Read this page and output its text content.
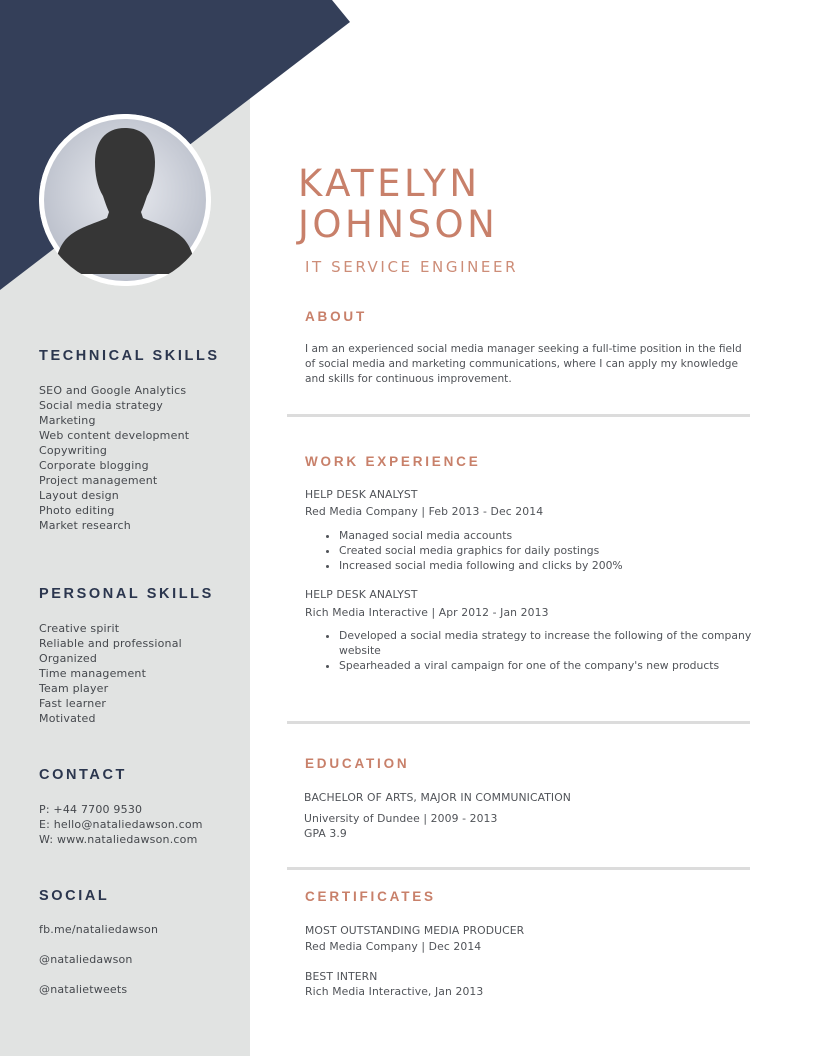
TECHNICAL SKILLS
SEO and Google Analytics
Social media strategy
Marketing
Web content development
Copywriting
Corporate blogging
Project management
Layout design
Photo editing
Market research
PERSONAL SKILLS
Creative spirit
Reliable and professional
Organized
Time management
Team player
Fast learner
Motivated
CONTACT
P: +44 7700 9530
E: hello@nataliedawson.com
W: www.nataliedawson.com
SOCIAL
fb.me/nataliedawson
@nataliedawson
@natalietweets
KATELYN
JOHNSON
IT SERVICE ENGINEER
ABOUT

I am an experienced social media manager seeking a full-time position in the field of social media and marketing communications, where I can apply my knowledge and skills for continuous improvement.

WORK EXPERIENCE

HELP DESK ANALYST

Red Media Company | Feb 2013 - Dec 2014

• Managed social media accounts
• Created social media graphics for daily postings
• Increased social media following and clicks by 200%

HELP DESK ANALYST

Rich Media Interactive | Apr 2012 - Jan 2013

• Developed a social media strategy to increase the following of the company website
• Spearheaded a viral campaign for one of the company's new products
EDUCATION

BACHELOR OF ARTS, MAJOR IN COMMUNICATION

University of Dundee | 2009 - 2013

GPA 3.9

CERTIFICATES

MOST OUTSTANDING MEDIA PRODUCER

Red Media Company | Dec 2014

BEST INTERN

Rich Media Interactive, Jan 2013
